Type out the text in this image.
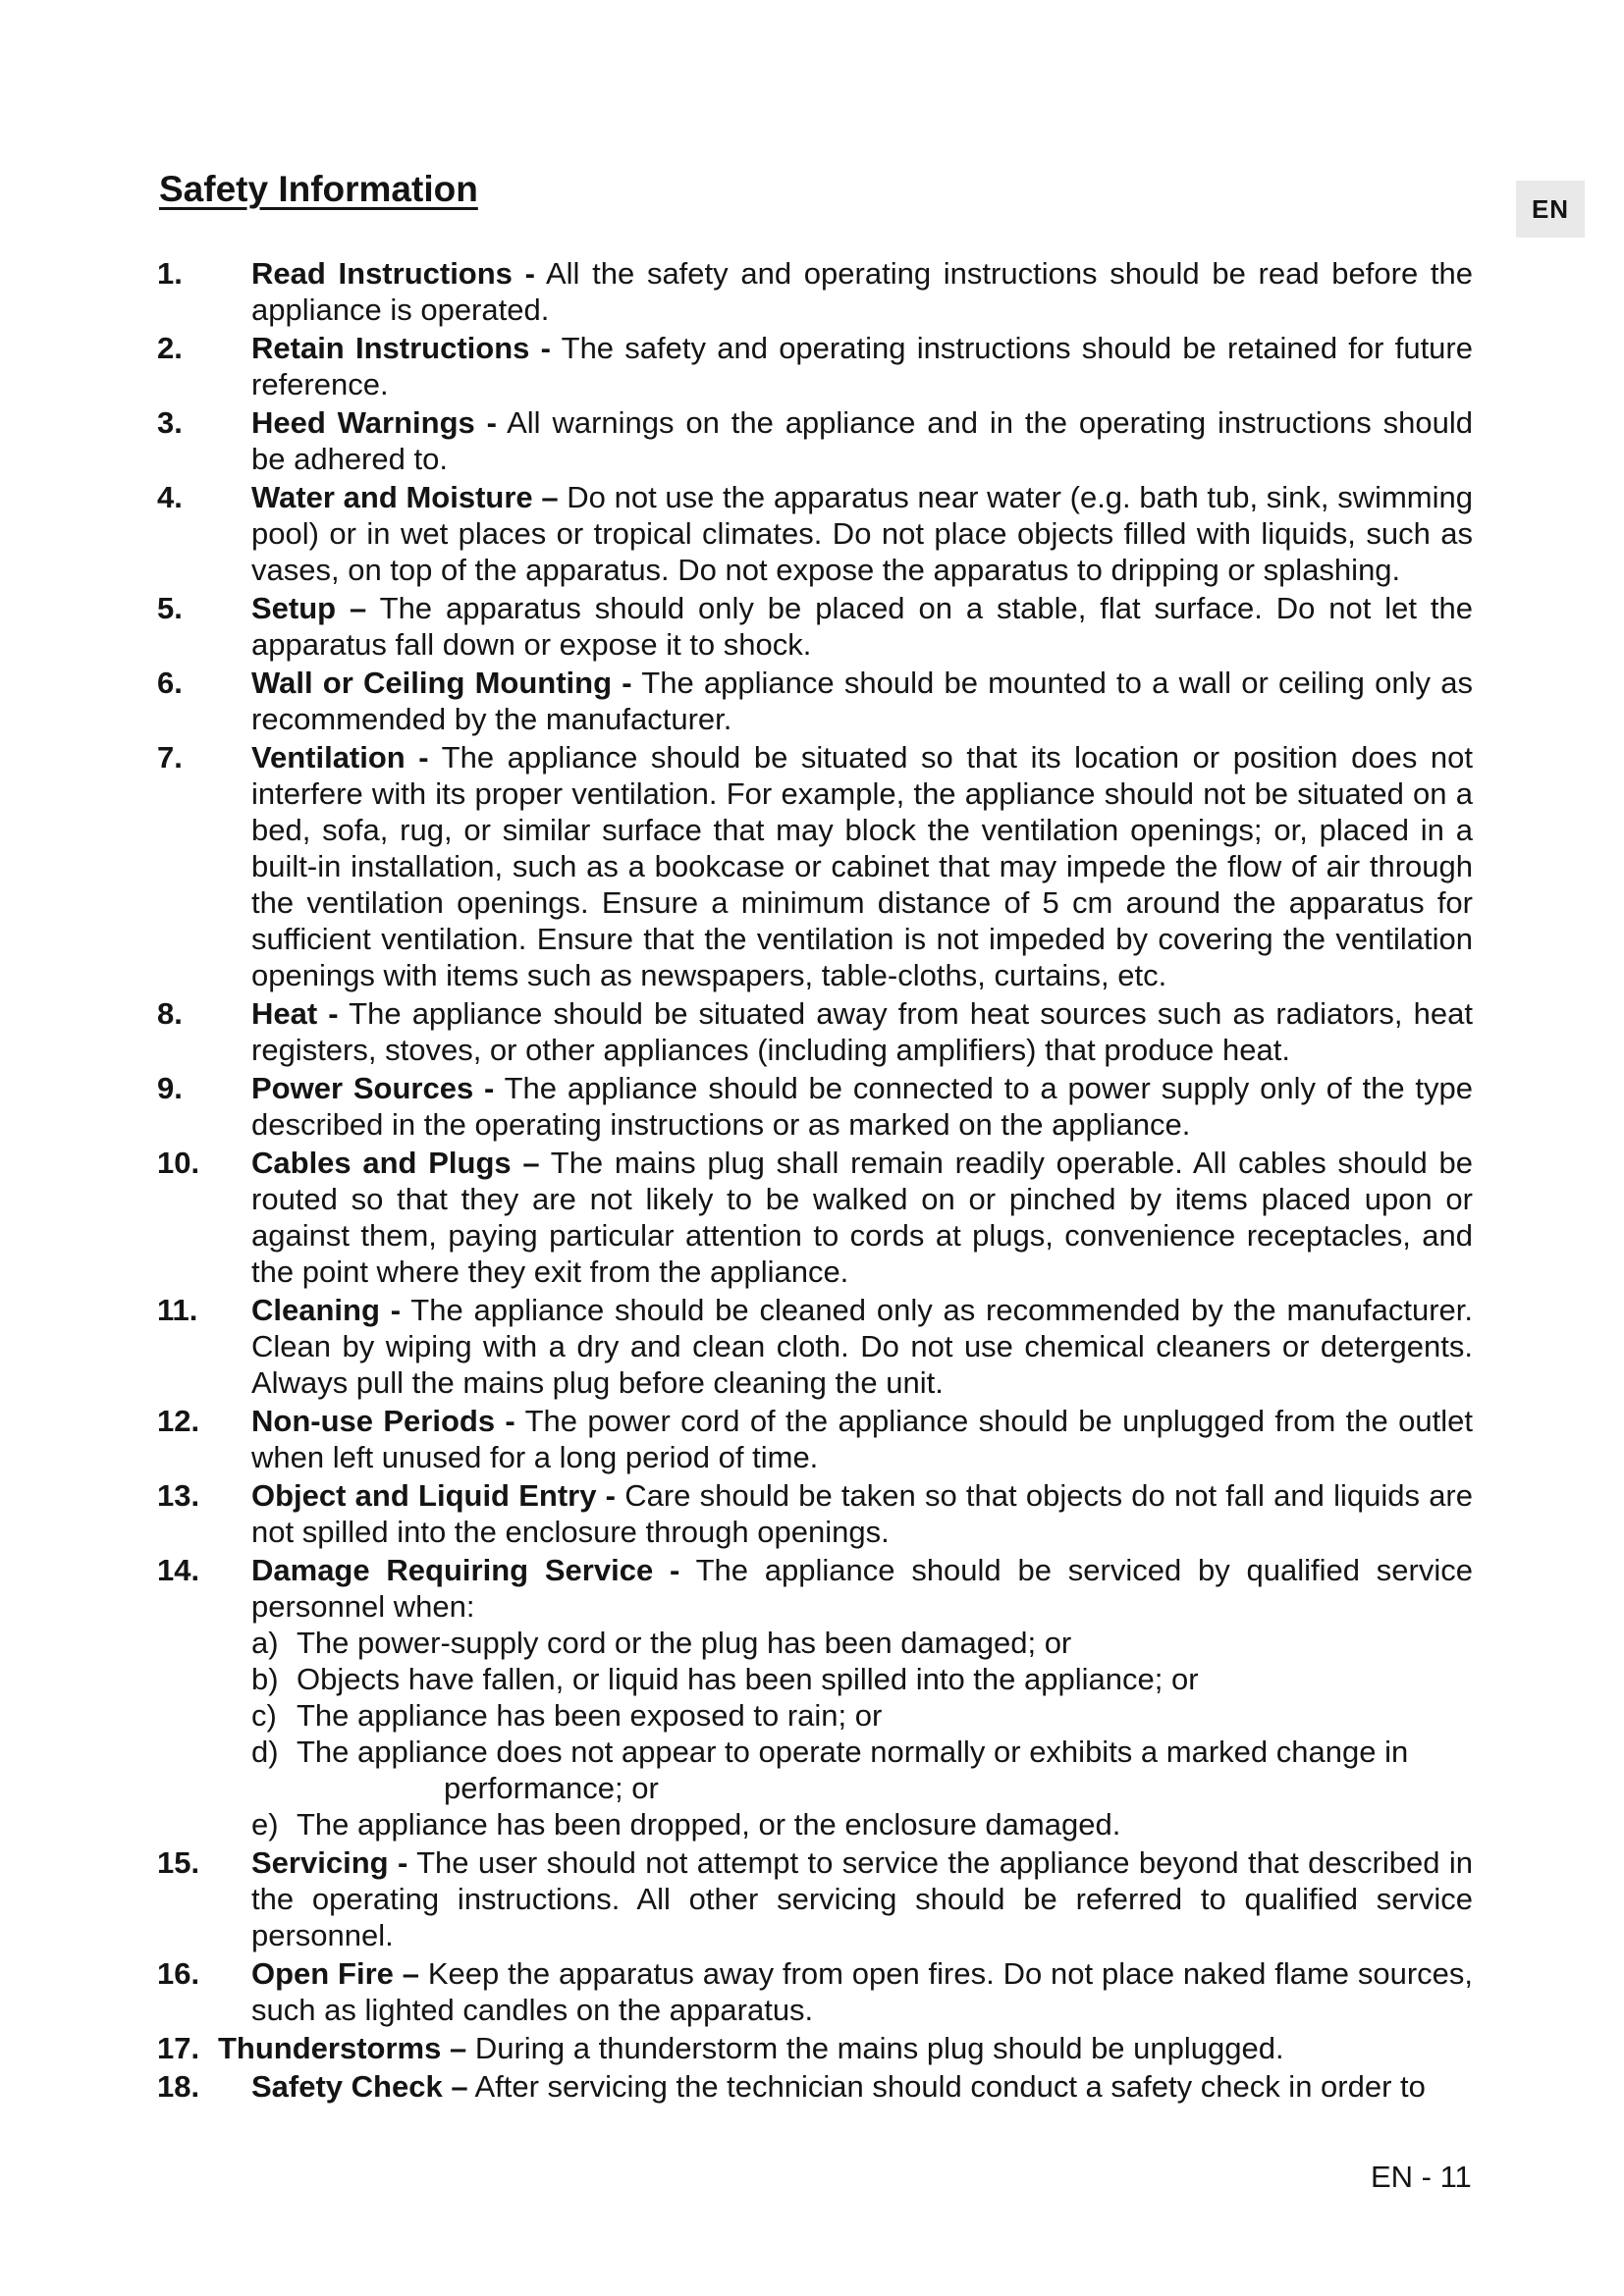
Safety Information	EN
1. Read Instructions - All the safety and operating instructions should be read before the appliance is operated.
2. Retain Instructions - The safety and operating instructions should be retained for future reference.
3. Heed Warnings - All warnings on the appliance and in the operating instructions should be adhered to.
4. Water and Moisture – Do not use the apparatus near water (e.g. bath tub, sink, swimming pool) or in wet places or tropical climates. Do not place objects filled with liquids, such as vases, on top of the apparatus. Do not expose the apparatus to dripping or splashing.
5. Setup – The apparatus should only be placed on a stable, flat surface. Do not let the apparatus fall down or expose it to shock.
6. Wall or Ceiling Mounting - The appliance should be mounted to a wall or ceiling only as recommended by the manufacturer.
7. Ventilation - The appliance should be situated so that its location or position does not interfere with its proper ventilation. For example, the appliance should not be situated on a bed, sofa, rug, or similar surface that may block the ventilation openings; or, placed in a built-in installation, such as a bookcase or cabinet that may impede the flow of air through the ventilation openings. Ensure a minimum distance of 5 cm around the apparatus for sufficient ventilation. Ensure that the ventilation is not impeded by covering the ventilation openings with items such as newspapers, table-cloths, curtains, etc.
8. Heat - The appliance should be situated away from heat sources such as radiators, heat registers, stoves, or other appliances (including amplifiers) that produce heat.
9. Power Sources - The appliance should be connected to a power supply only of the type described in the operating instructions or as marked on the appliance.
10. Cables and Plugs – The mains plug shall remain readily operable. All cables should be routed so that they are not likely to be walked on or pinched by items placed upon or against them, paying particular attention to cords at plugs, convenience receptacles, and the point where they exit from the appliance.
11. Cleaning - The appliance should be cleaned only as recommended by the manufacturer. Clean by wiping with a dry and clean cloth. Do not use chemical cleaners or detergents. Always pull the mains plug before cleaning the unit.
12. Non-use Periods - The power cord of the appliance should be unplugged from the outlet when left unused for a long period of time.
13. Object and Liquid Entry - Care should be taken so that objects do not fall and liquids are not spilled into the enclosure through openings.
14. Damage Requiring Service - The appliance should be serviced by qualified service personnel when:
a) The power-supply cord or the plug has been damaged; or
b) Objects have fallen, or liquid has been spilled into the appliance; or
c) The appliance has been exposed to rain; or
d) The appliance does not appear to operate normally or exhibits a marked change in
performance; or
e) The appliance has been dropped, or the enclosure damaged.
15. Servicing - The user should not attempt to service the appliance beyond that described in the operating instructions. All other servicing should be referred to qualified service personnel.
16. Open Fire – Keep the apparatus away from open fires. Do not place naked flame sources, such as lighted candles on the apparatus.
17. Thunderstorms – During a thunderstorm the mains plug should be unplugged.
18. Safety Check – After servicing the technician should conduct a safety check in order to
EN - 11
